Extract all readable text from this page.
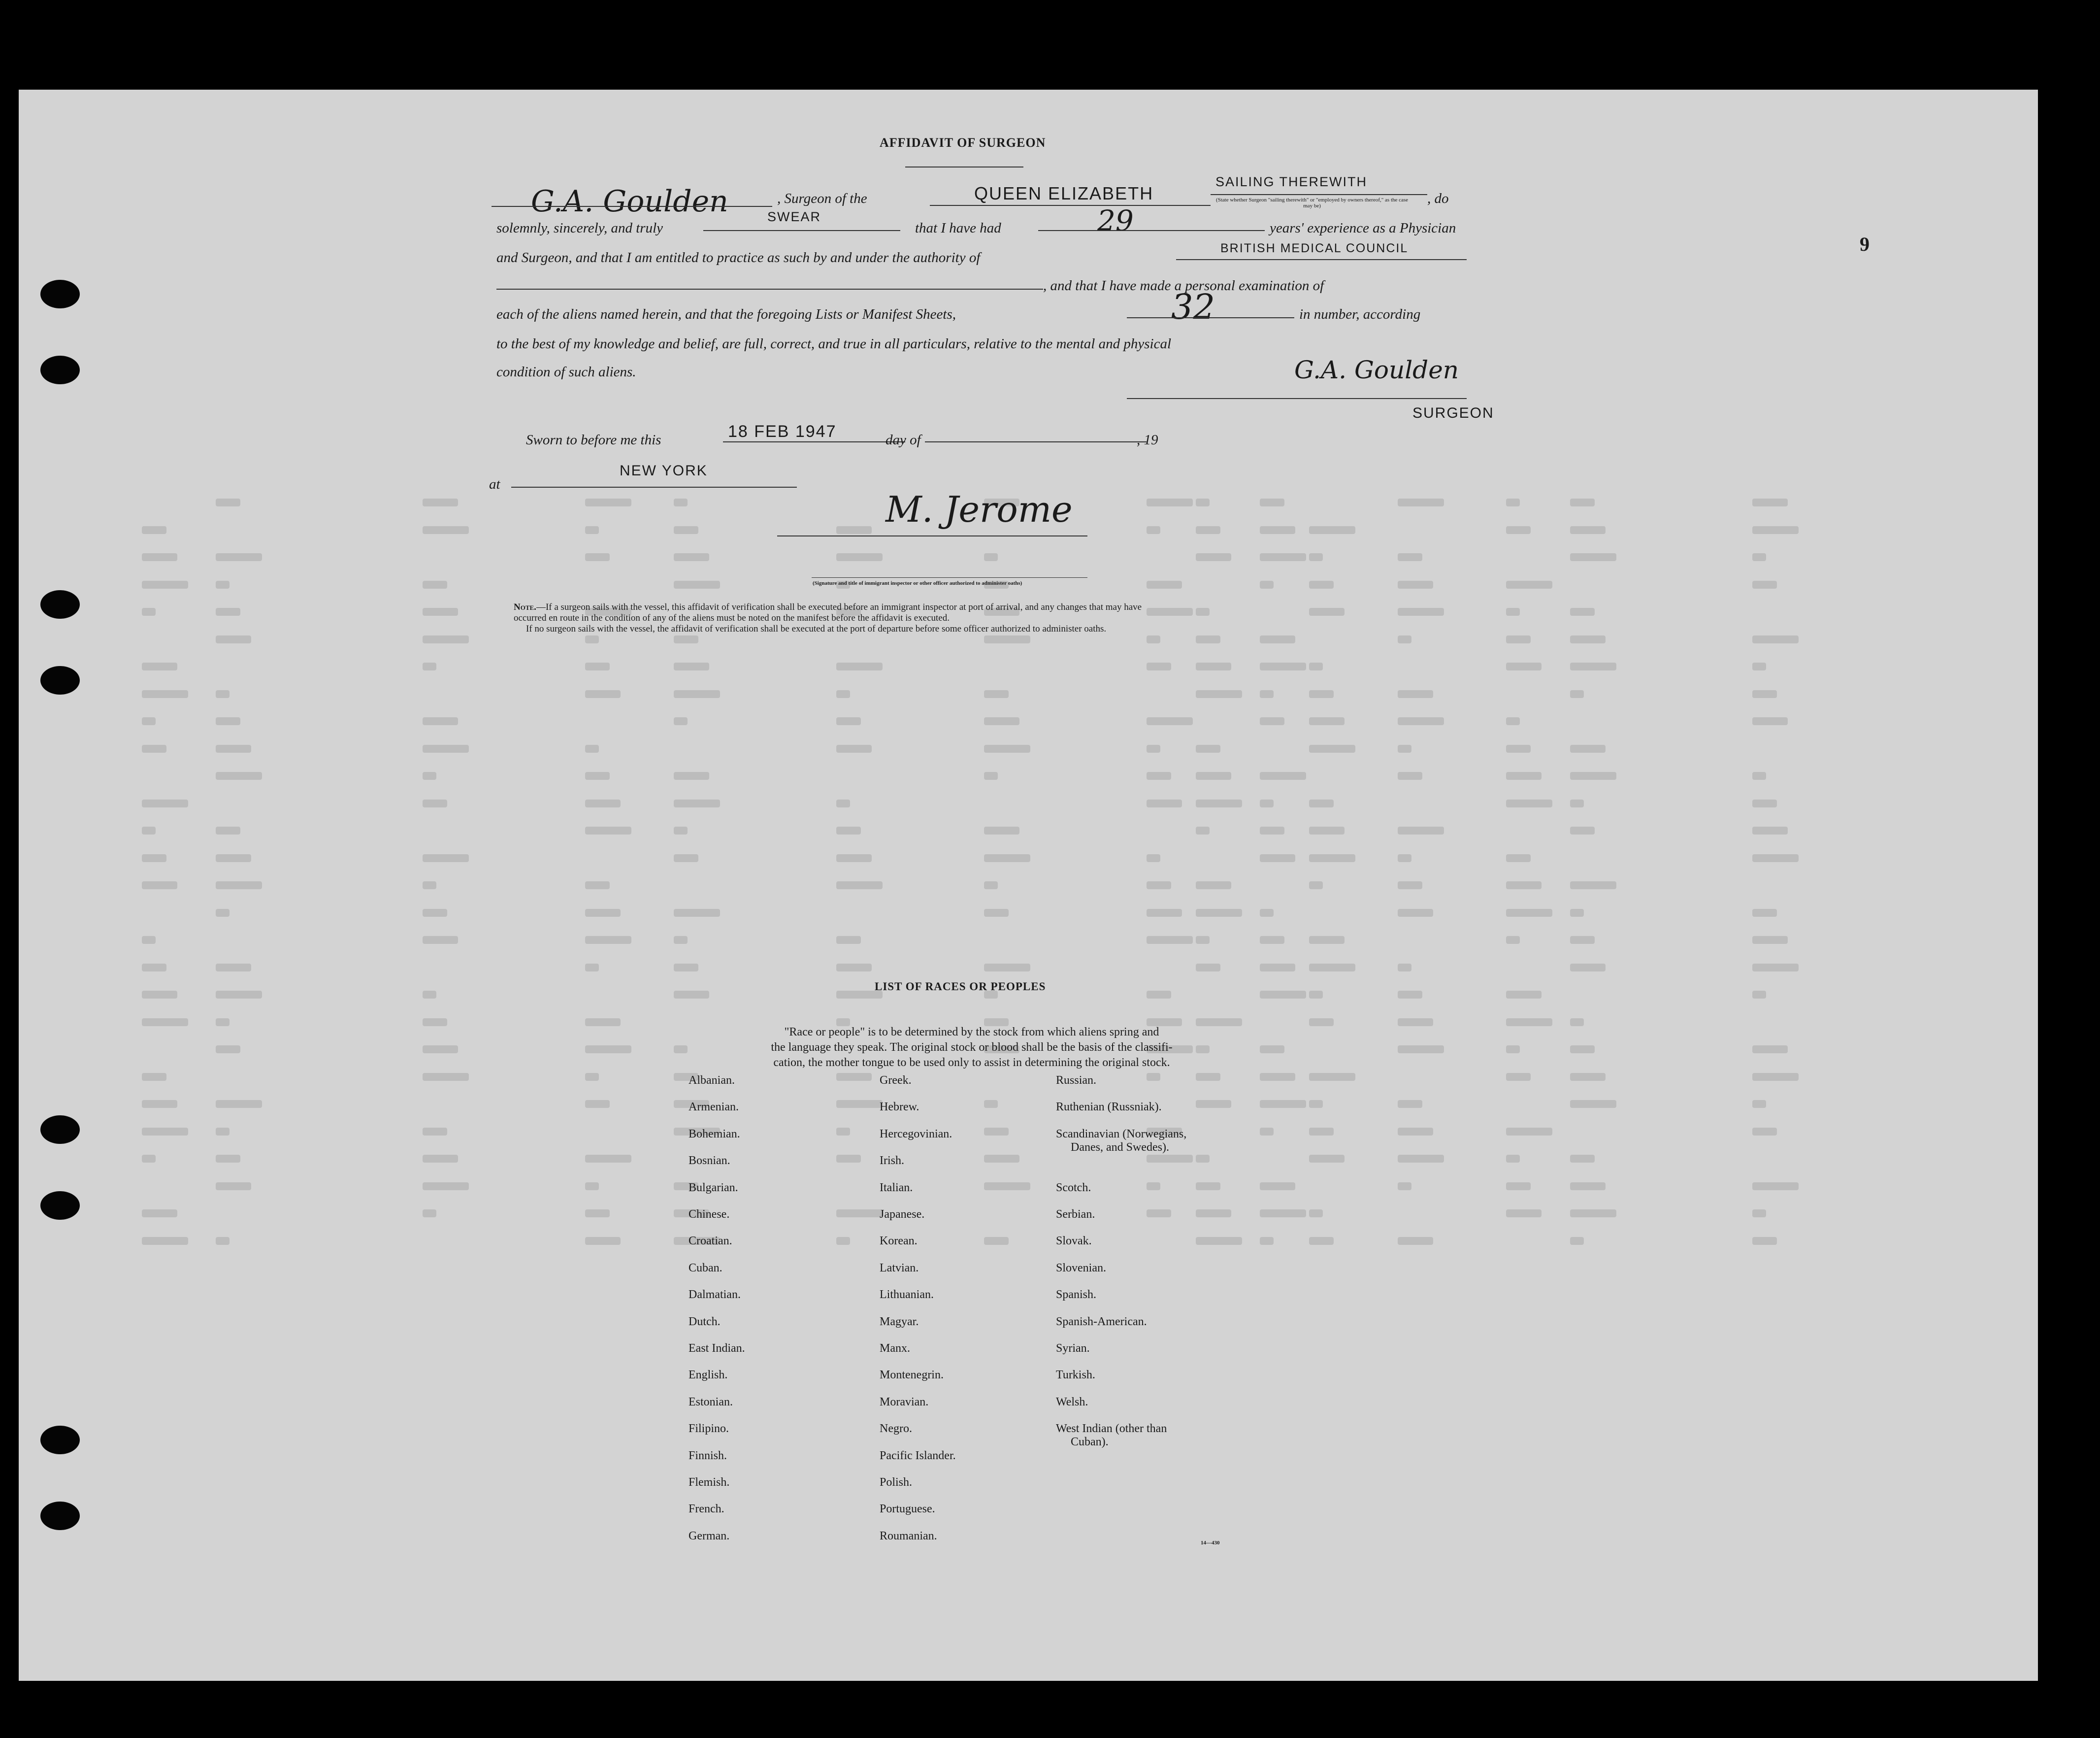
AFFIDAVIT OF SURGEON
G.A. Goulden	, Surgeon of the	QUEEN ELIZABETH
SAILING THEREWITH
(State whether Surgeon "sailing therewith" or "employed by owners thereof," as the case may be)	, do
solemnly, sincerely, and truly
SWEAR
that I have had	29	years' experience as a Physician
and Surgeon, and that I am entitled to practice as such by and under the authority of
BRITISH MEDICAL COUNCIL	9
, and that I have made a personal examination of
each of the aliens named herein, and that the foregoing Lists or Manifest Sheets,	32	in number, according
to the best of my knowledge and belief, are full, correct, and true in all particulars, relative to the mental and physical
condition of such aliens.	G.A. Goulden
SURGEON
Sworn to before me this	18 FEB 1947	day of	, 19
at
NEW YORK
M. Jerome
(Signature and title of immigrant inspector or other officer authorized to administer oaths)
Note.—If a surgeon sails with the vessel, this affidavit of verification shall be executed before an immigrant inspector at port of arrival, and any changes that may have
occurred en route in the condition of any of the aliens must be noted on the manifest before the affidavit is executed.
If no surgeon sails with the vessel, the affidavit of verification shall be executed at the port of departure before some officer authorized to administer oaths.
LIST OF RACES OR PEOPLES
"Race or people" is to be determined by the stock from which aliens spring and
the language they speak. The original stock or blood shall be the basis of the classifi-
cation, the mother tongue to be used only to assist in determining the original stock.
Albanian.
Armenian.
Bohemian.
Bosnian.
Bulgarian.
Chinese.
Croatian.
Cuban.
Dalmatian.
Dutch.
East Indian.
English.
Estonian.
Filipino.
Finnish.
Flemish.
French.
German.
Greek.
Hebrew.
Hercegovinian.
Irish.
Italian.
Japanese.
Korean.
Latvian.
Lithuanian.
Magyar.
Manx.
Montenegrin.
Moravian.
Negro.
Pacific Islander.
Polish.
Portuguese.
Roumanian.
Russian.
Ruthenian (Russniak).
Scandinavian (Norwegians,
Danes, and Swedes).
Scotch.
Serbian.
Slovak.
Slovenian.
Spanish.
Spanish-American.
Syrian.
Turkish.
Welsh.
West Indian (other than
Cuban).
14—430
